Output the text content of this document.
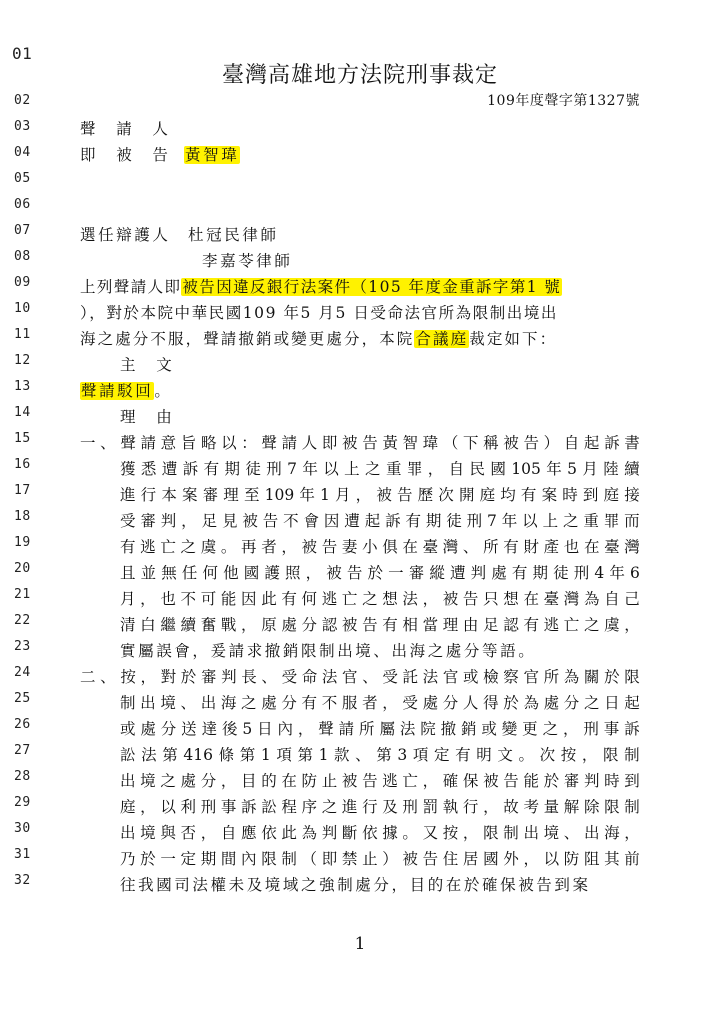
01
02
03
04
05
06
07
08
09
10
11
12
13
14
15
16
17
18
19
20
21
22
23
24
25
26
27
28
29
30
31
32
臺灣高雄地方法院刑事裁定
109年度聲字第1327號
聲　請　人
即　被　告 黃智瑋
選任辯護人 杜冠民律師
李嘉苓律師
上列聲請人即被告因違反銀行法案件（105 年度金重訴字第1 號
），對於本院中華民國109 年5 月5 日受命法官所為限制出境出
海之處分不服，聲請撤銷或變更處分，本院合議庭裁定如下：
主　文
聲請駁回。
理　由
一 、 聲 請 意 旨 略 以 ： 聲 請 人 即 被 告 黃 智 瑋 （ 下 稱 被 告 ） 自 起 訴 書
獲 悉 遭 訴 有 期 徒 刑 7 年 以 上 之 重 罪 ， 自 民 國 105 年 5 月 陸 續
進 行 本 案 審 理 至 109 年 1 月 ， 被 告 歷 次 開 庭 均 有 案 時 到 庭 接
受 審 判 ， 足 見 被 告 不 會 因 遭 起 訴 有 期 徒 刑 7 年 以 上 之 重 罪 而
有 逃 亡 之 虞 。 再 者 ， 被 告 妻 小 俱 在 臺 灣 、 所 有 財 產 也 在 臺 灣
且 並 無 任 何 他 國 護 照 ， 被 告 於 一 審 縱 遭 判 處 有 期 徒 刑 4 年 6
月 ， 也 不 可 能 因 此 有 何 逃 亡 之 想 法 ， 被 告 只 想 在 臺 灣 為 自 己
清 白 繼 續 奮 戰 ， 原 處 分 認 被 告 有 相 當 理 由 足 認 有 逃 亡 之 虞 ，
實屬誤會，爰請求撤銷限制出境、出海之處分等語。
二 、 按 ， 對 於 審 判 長 、 受 命 法 官 、 受 託 法 官 或 檢 察 官 所 為 關 於 限
制 出 境 、 出 海 之 處 分 有 不 服 者 ， 受 處 分 人 得 於 為 處 分 之 日 起
或 處 分 送 達 後 5 日 內 ， 聲 請 所 屬 法 院 撤 銷 或 變 更 之 ， 刑 事 訴
訟 法 第 416 條 第 1 項 第 1 款 、 第 3 項 定 有 明 文 。 次 按 ， 限 制
出 境 之 處 分 ， 目 的 在 防 止 被 告 逃 亡 ， 確 保 被 告 能 於 審 判 時 到
庭 ， 以 利 刑 事 訴 訟 程 序 之 進 行 及 刑 罰 執 行 ， 故 考 量 解 除 限 制
出 境 與 否 ， 自 應 依 此 為 判 斷 依 據 。 又 按 ， 限 制 出 境 、 出 海 ，
乃 於 一 定 期 間 內 限 制 （ 即 禁 止 ） 被 告 住 居 國 外 ， 以 防 阻 其 前
往我國司法權未及境域之強制處分，目的在於確保被告到案
1
